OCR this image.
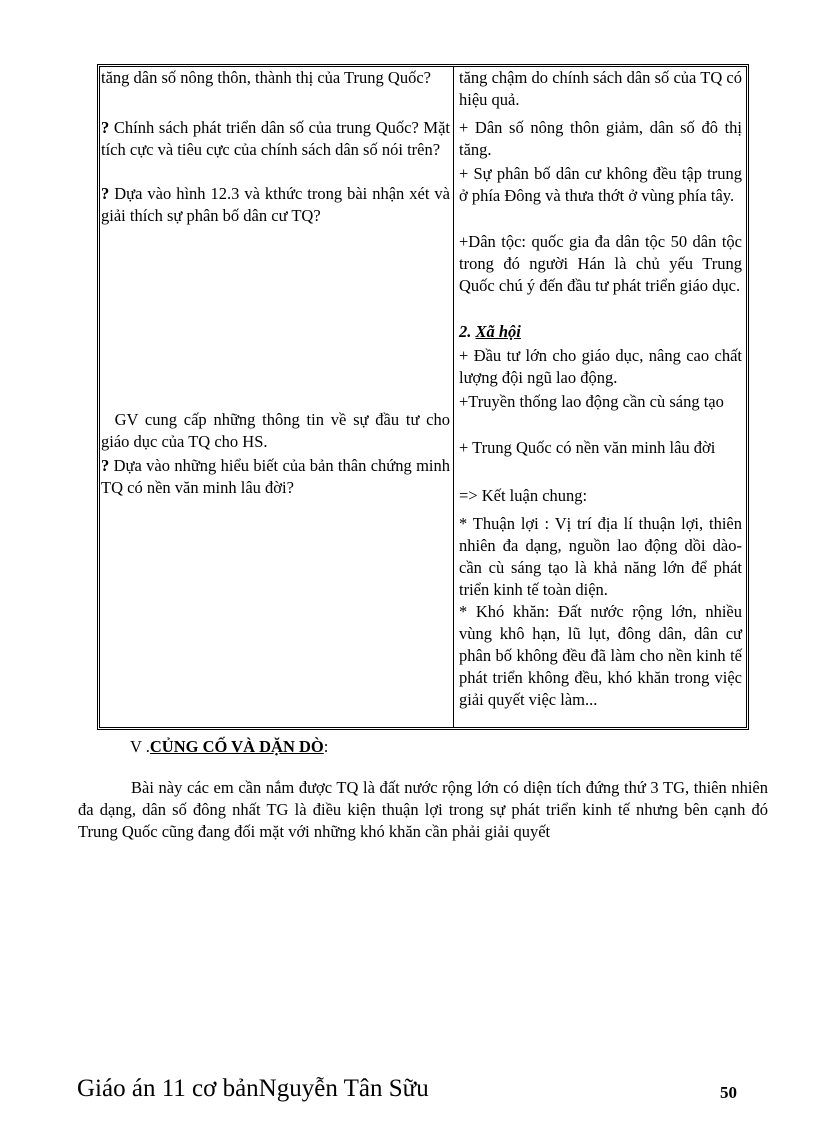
tăng dân số nông thôn, thành thị của Trung Quốc?

? Chính sách phát triển dân số của trung Quốc? Mặt tích cực và tiêu cực của chính sách dân số nói trên?

? Dựa vào hình 12.3 và kthức trong bài nhận xét và giải thích sự phân bố dân cư TQ?

GV cung cấp những thông tin về sự đầu tư cho giáo dục của TQ cho HS.

? Dựa vào những hiểu biết của bản thân chứng minh TQ có nền văn minh lâu đời?

tăng chậm do chính sách dân số của TQ có hiệu quả.

+ Dân số nông thôn giảm, dân số đô thị tăng.

+ Sự phân bố dân cư không đều tập trung ở phía Đông và thưa thớt ở vùng phía tây.

+Dân tộc: quốc gia đa dân tộc 50 dân tộc trong đó người Hán là chủ yếu Trung Quốc chú ý đến đầu tư phát triển giáo dục.

2. Xã hội

+ Đầu tư lớn cho giáo dục, nâng cao chất lượng đội ngũ lao động.

+Truyền thống lao động cần cù sáng tạo

+ Trung Quốc có nền văn minh lâu đời

=> Kết luận chung:

* Thuận lợi : Vị trí địa lí thuận lợi, thiên nhiên đa dạng, nguồn lao động dồi dào- cần cù sáng tạo là khả năng lớn để phát triển kinh tế toàn diện.

* Khó khăn: Đất nước rộng lớn, nhiều vùng khô hạn, lũ lụt, đông dân, dân cư phân bố không đều đã làm cho nền kinh tế phát triển không đều, khó khăn trong việc giải quyết việc làm...

V .CỦNG CỐ VÀ DẶN DÒ:

Bài này các em cần nắm được TQ là đất nước rộng lớn có diện tích đứng thứ 3 TG, thiên nhiên đa dạng, dân số đông nhất TG là điều kiện thuận lợi trong sự phát triển kinh tế nhưng bên cạnh đó Trung Quốc cũng đang đối mặt với những khó khăn cần phải giải quyết

Giáo án 11 cơ bảnNguyễn Tân Sữu	50
